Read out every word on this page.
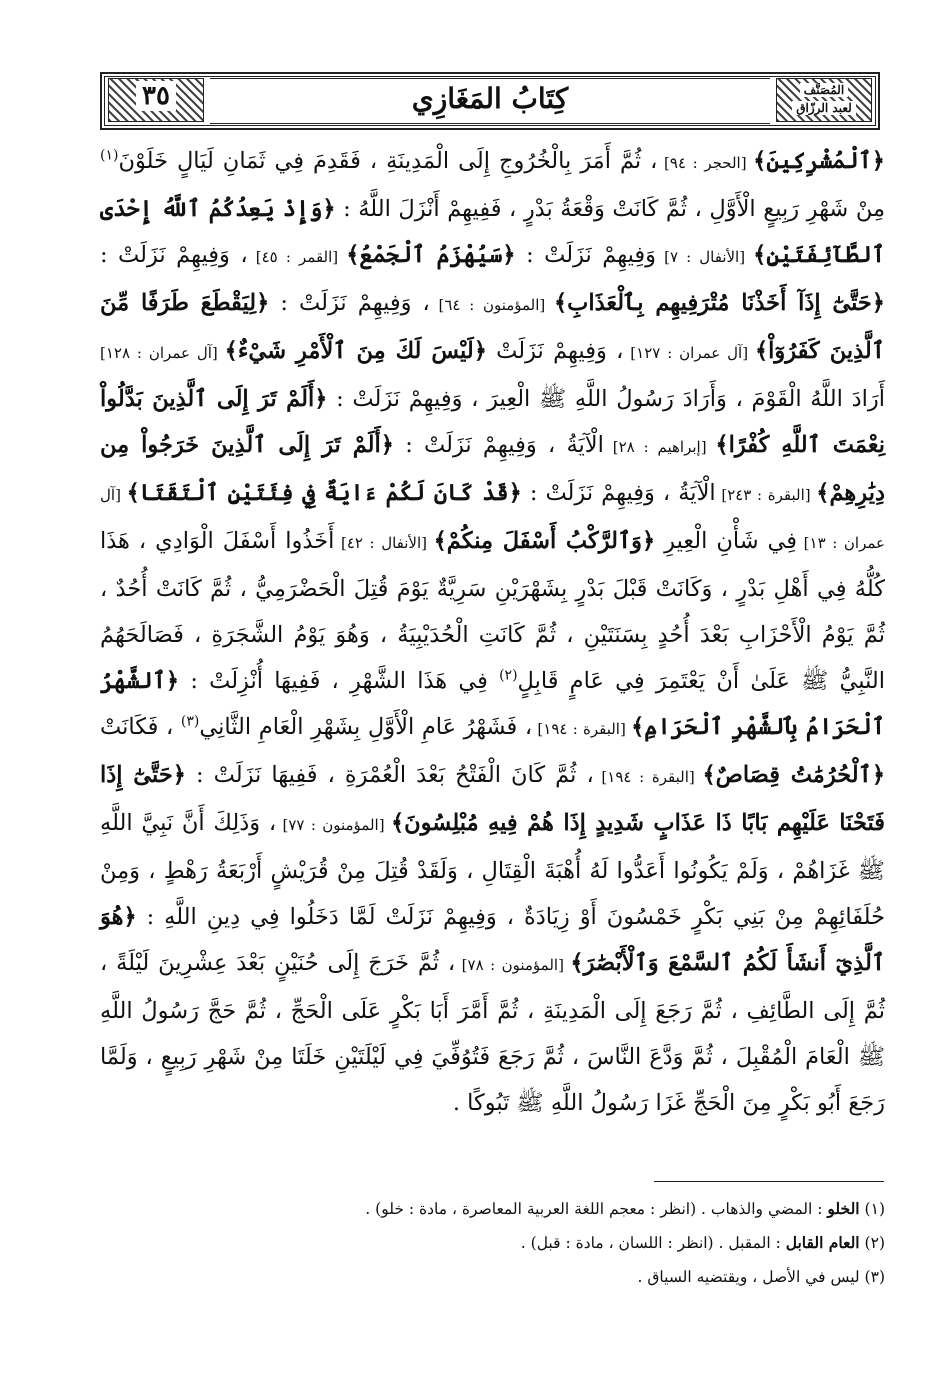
كِتَابُ المَغَازِي	المُصَنَّف
لعبد الرزّاق
٣٥

﴿ٱلْمُشْرِكِينَ﴾ [الحجر : ٩٤] ، ثُمَّ أَمَرَ بِالْخُرُوجِ إِلَى الْمَدِينَةِ ، فَقَدِمَ فِي ثَمَانِ لَيَالٍ خَلَوْنَ$^{(١)}$ مِنْ شَهْرِ رَبِيعٍ الْأَوَّلِ ، ثُمَّ كَانَتْ وَقْعَةُ بَدْرٍ ، فَفِيهِمْ أَنْزَلَ اللَّهُ : ﴿وَإِذْ يَعِدُكُمُ ٱللَّهُ إِحْدَى ٱلطَّآئِفَتَيْنِ﴾ [الأنفال : ٧] وَفِيهِمْ نَزَلَتْ : ﴿سَيُهْزَمُ ٱلْجَمْعُ﴾ [القمر : ٤٥] ، وَفِيهِمْ نَزَلَتْ : ﴿حَتَّىٰٓ إِذَآ أَخَذْنَا مُتْرَفِيهِم بِٱلْعَذَابِ﴾ [المؤمنون : ٦٤] ، وَفِيهِمْ نَزَلَتْ : ﴿لِيَقْطَعَ طَرَفًا مِّنَ ٱلَّذِينَ كَفَرُوٓاْ﴾ [آل عمران : ١٢٧] ، وَفِيهِمْ نَزَلَتْ ﴿لَيْسَ لَكَ مِنَ ٱلْأَمْرِ شَيْءٌ﴾ [آل عمران : ١٢٨] أَرَادَ اللَّهُ الْقَوْمَ ، وَأَرَادَ رَسُولُ اللَّهِ ﷺ الْعِيرَ ، وَفِيهِمْ نَزَلَتْ : ﴿أَلَمْ تَرَ إِلَى ٱلَّذِينَ بَدَّلُواْ نِعْمَتَ ٱللَّهِ كُفْرًا﴾ [إبراهيم : ٢٨] الْآيَةُ ، وَفِيهِمْ نَزَلَتْ : ﴿أَلَمْ تَرَ إِلَى ٱلَّذِينَ خَرَجُواْ مِن دِيَٰرِهِمْ﴾ [البقرة : ٢٤٣] الْآيَةُ ، وَفِيهِمْ نَزَلَتْ : ﴿قَدْ كَانَ لَكُمْ ءَايَةٌ فِي فِئَتَيْنِ ٱلْتَقَتَا﴾ [آل عمران : ١٣] فِي شَأْنِ الْعِيرِ ﴿وَٱلرَّكْبُ أَسْفَلَ مِنكُمْ﴾ [الأنفال : ٤٢] أَخَذُوا أَسْفَلَ الْوَادِي ، هَذَا كُلُّهُ فِي أَهْلِ بَدْرٍ ، وَكَانَتْ قَبْلَ بَدْرٍ بِشَهْرَيْنِ سَرِيَّةٌ يَوْمَ قُتِلَ الْحَضْرَمِيُّ ، ثُمَّ كَانَتْ أُحُدٌ ، ثُمَّ يَوْمُ الْأَحْزَابِ بَعْدَ أُحُدٍ بِسَنَتَيْنِ ، ثُمَّ كَانَتِ الْحُدَيْبِيَةُ ، وَهُوَ يَوْمُ الشَّجَرَةِ ، فَصَالَحَهُمُ النَّبِيُّ ﷺ عَلَىٰ أَنْ يَعْتَمِرَ فِي عَامٍ قَابِلٍ$^{(٢)}$ فِي هَذَا الشَّهْرِ ، فَفِيهَا أُنْزِلَتْ : ﴿ٱلشَّهْرُ ٱلْحَرَامُ بِٱلشَّهْرِ ٱلْحَرَامِ﴾ [البقرة : ١٩٤] ، فَشَهْرُ عَامِ الْأَوَّلِ بِشَهْرِ الْعَامِ الثَّانِي$^{(٣)}$ ، فَكَانَتْ ﴿ٱلْحُرُمَٰتُ قِصَاصٌ﴾ [البقرة : ١٩٤] ، ثُمَّ كَانَ الْفَتْحُ بَعْدَ الْعُمْرَةِ ، فَفِيهَا نَزَلَتْ : ﴿حَتَّىٰٓ إِذَا فَتَحْنَا عَلَيْهِم بَابًا ذَا عَذَابٍ شَدِيدٍ إِذَا هُمْ فِيهِ مُبْلِسُونَ﴾ [المؤمنون : ٧٧] ، وَذَلِكَ أَنَّ نَبِيَّ اللَّهِ ﷺ غَزَاهُمْ ، وَلَمْ يَكُونُوا أَعَدُّوا لَهُ أُهْبَةَ الْقِتَالِ ، وَلَقَدْ قُتِلَ مِنْ قُرَيْشٍ أَرْبَعَةُ رَهْطٍ ، وَمِنْ حُلَفَائِهِمْ مِنْ بَنِي بَكْرٍ خَمْسُونَ أَوْ زِيَادَةٌ ، وَفِيهِمْ نَزَلَتْ لَمَّا دَخَلُوا فِي دِينِ اللَّهِ : ﴿هُوَ ٱلَّذِيٓ أَنشَأَ لَكُمُ ٱلسَّمْعَ وَٱلْأَبْصَٰرَ﴾ [المؤمنون : ٧٨] ، ثُمَّ خَرَجَ إِلَى حُنَيْنٍ بَعْدَ عِشْرِينَ لَيْلَةً ، ثُمَّ إِلَى الطَّائِفِ ، ثُمَّ رَجَعَ إِلَى الْمَدِينَةِ ، ثُمَّ أَمَّرَ أَبَا بَكْرٍ عَلَى الْحَجِّ ، ثُمَّ حَجَّ رَسُولُ اللَّهِ ﷺ الْعَامَ الْمُقْبِلَ ، ثُمَّ وَدَّعَ النَّاسَ ، ثُمَّ رَجَعَ فَتُوُفِّيَ فِي لَيْلَتَيْنِ خَلَتَا مِنْ شَهْرِ رَبِيعٍ ، وَلَمَّا رَجَعَ أَبُو بَكْرٍ مِنَ الْحَجِّ غَزَا رَسُولُ اللَّهِ ﷺ تَبُوكًا .

(١) الخلو : المضي والذهاب . (انظر : معجم اللغة العربية المعاصرة ، مادة : خلو) .

(٢) العام القابل : المقبل . (انظر : اللسان ، مادة : قبل) .

(٣) ليس في الأصل ، ويقتضيه السياق .
